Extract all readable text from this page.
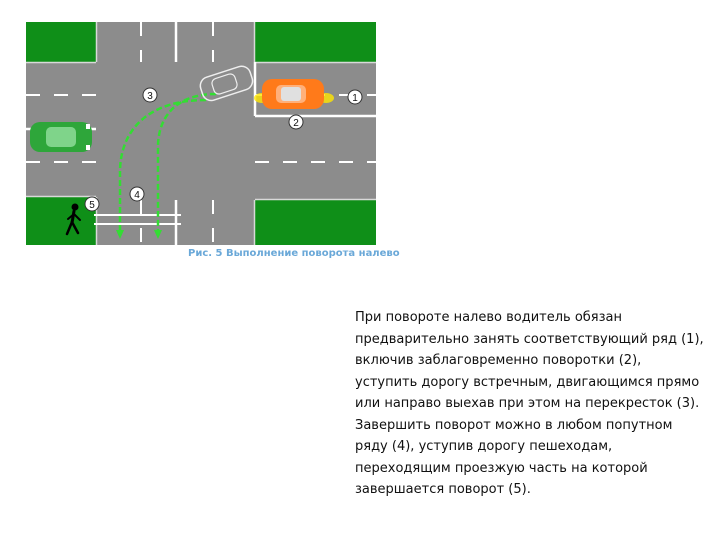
1
2
3
4
5
Рис. 5 Выполнение поворота налево

При повороте налево водитель обязан предварительно занять соответствующий ряд (1), включив заблаговременно поворотки (2), уступить дорогу встречным, двигающимся прямо или направо выехав при этом на перекресток (3). Завершить поворот можно в любом попутном ряду (4), уступив дорогу пешеходам, переходящим проезжую часть на которой завершается поворот (5).
